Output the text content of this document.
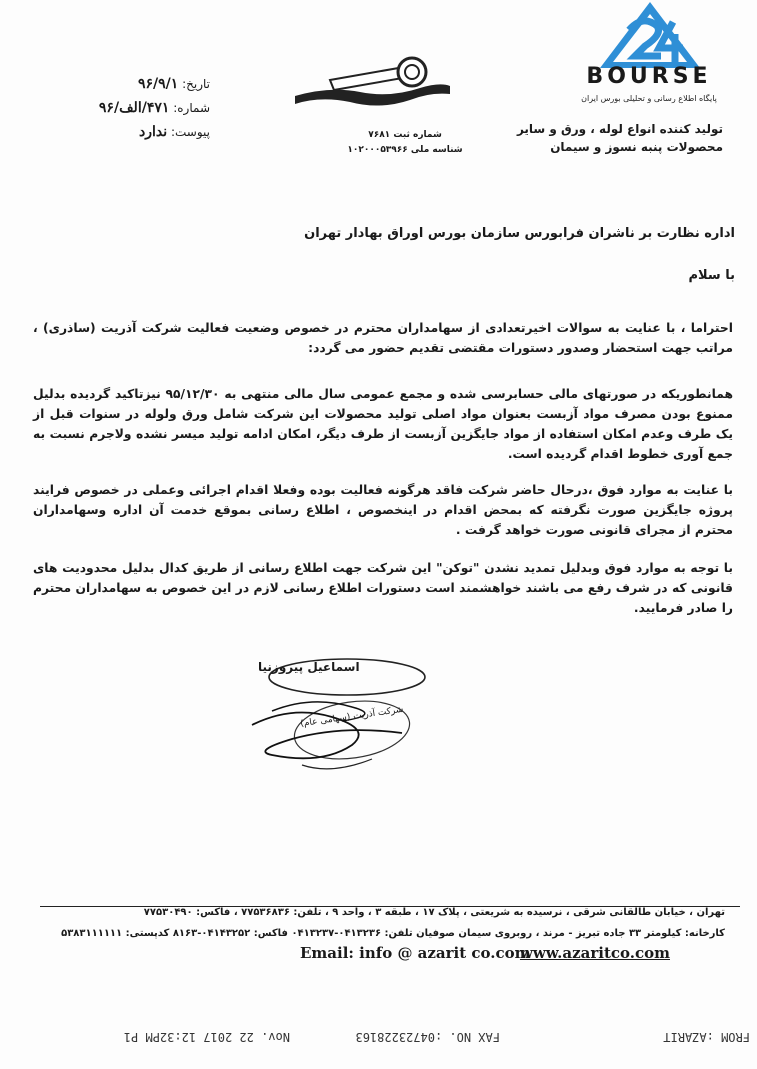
BOURSE
پایگاه اطلاع رسانی و تحلیلی بورس ایران
تاریخ: ۹۶/۹/۱
شماره: ۴۷۱/الف/۹۶
پیوست: ندارد	شماره ثبت ۷۶۸۱
شناسه ملی ۱۰۲۰۰۰۵۳۹۶۶
تولید کننده انواع لوله ، ورق و سایر
محصولات پنبه نسوز و سیمان
اداره نظارت بر ناشران فرابورس سازمان بورس اوراق بهادار تهران
با سلام
احتراما ، با عنایت به سوالات اخیرتعدادی از سهامداران محترم در خصوص وضعیت فعالیت شرکت آذریت (ساذری) ، مراتب جهت استحضار وصدور دستورات مقتضی تقدیم حضور می گردد:
همانطوریکه در صورتهای مالی حسابرسی شده و مجمع عمومی سال مالی منتهی به ۹۵/۱۲/۳۰ نیزتاکید گردیده بدلیل ممنوع بودن مصرف مواد آزبست بعنوان مواد اصلی تولید محصولات این شرکت شامل ورق ولوله در سنوات قبل از یک طرف وعدم امکان استفاده از مواد جایگزین آزبست از طرف دیگر، امکان ادامه تولید میسر نشده ولاجرم نسبت به جمع آوری خطوط اقدام گردیده است.
با عنایت به موارد فوق ،درحال حاضر شرکت فاقد هرگونه فعالیت بوده وفعلا اقدام اجرائی وعملی در خصوص فرایند پروژه جایگزین صورت نگرفته که بمحض اقدام در اینخصوص ، اطلاع رسانی بموقع خدمت آن اداره وسهامداران محترم از مجرای قانونی صورت خواهد گرفت .
با توجه به موارد فوق وبدلیل تمدید نشدن "توکن" این شرکت جهت اطلاع رسانی از طریق کدال بدلیل محدودیت های قانونی که در شرف رفع می باشند خواهشمند است دستورات اطلاع رسانی لازم در این خصوص به سهامداران محترم را صادر فرمایید.
اسماعیل پیروزنیا
شرکت آذریت (سهامی عام)
تهران ، خیابان طالقانی شرقی ، نرسیده به شریعتی ، پلاک ۱۷ ، طبقه ۳ ، واحد ۹ ، تلفن: ۷۷۵۳۶۸۳۶ ، فاکس: ۷۷۵۳۰۴۹۰
کارخانه: کیلومتر ۳۳ جاده تبریز - مرند ، روبروی سیمان صوفیان تلفن: ۰۴۱۳۲۳۶-۰۴۱۳۲۳۷ فاکس: ۰۴۱۴۳۲۵۲-۸۱۶۳ کدپستی: ۵۳۸۳۱۱۱۱۱۱
Email: info @ azarit co.com
www.azaritco.com
FROM :AZARIT
FAX NO. :04723228163
Nov. 22 2017 12:32PM P1
